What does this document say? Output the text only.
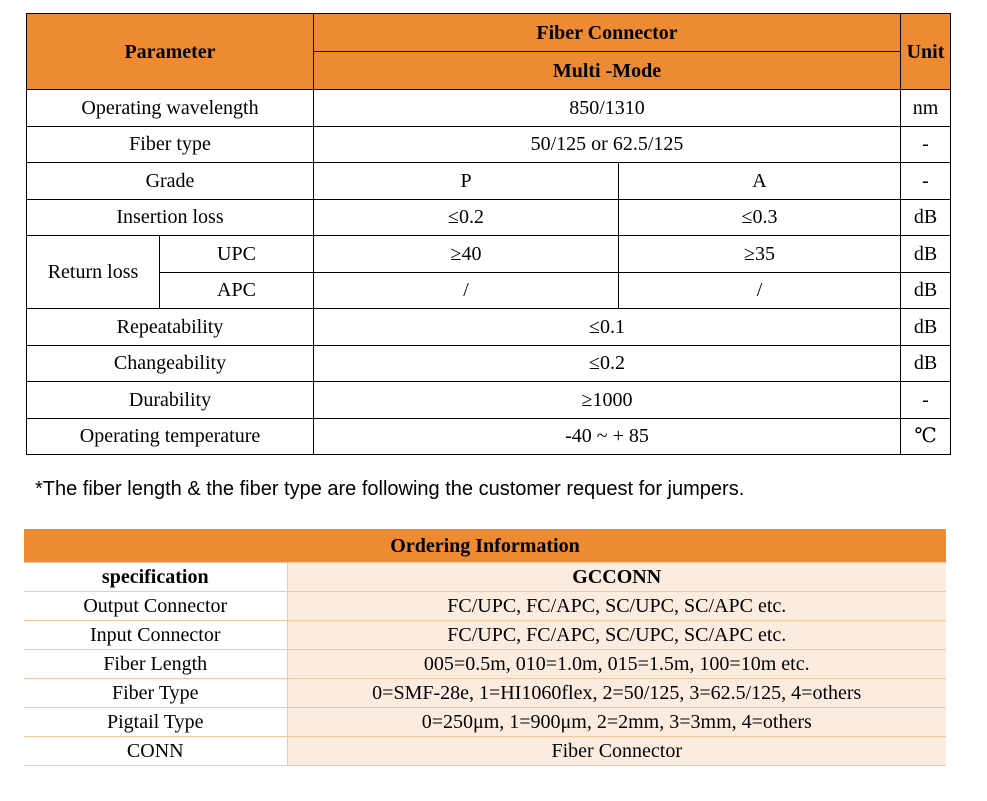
Parameter		Fiber Connector		Unit
		Multi -Mode		
Operating wavelength		850/1310		nm
Fiber type		50/125 or 62.5/125		-
Grade		P	A	-
Insertion loss		≤0.2	≤0.3	dB
Return loss	UPC	≥40	≥35	dB
	APC	/	/	dB
Repeatability		≤0.1		dB
Changeability		≤0.2		dB
Durability		≥1000		-
Operating temperature		-40 ~ + 85		℃
*The fiber length & the fiber type are following the customer request for jumpers.
Ordering Information	
specification	GCCONN
Output Connector	FC/UPC, FC/APC, SC/UPC, SC/APC etc.
Input Connector	FC/UPC, FC/APC, SC/UPC, SC/APC etc.
Fiber Length	005=0.5m, 010=1.0m, 015=1.5m, 100=10m etc.
Fiber Type	0=SMF-28e, 1=HI1060flex, 2=50/125, 3=62.5/125, 4=others
Pigtail Type	0=250μm, 1=900μm, 2=2mm, 3=3mm, 4=others
CONN	Fiber Connector
